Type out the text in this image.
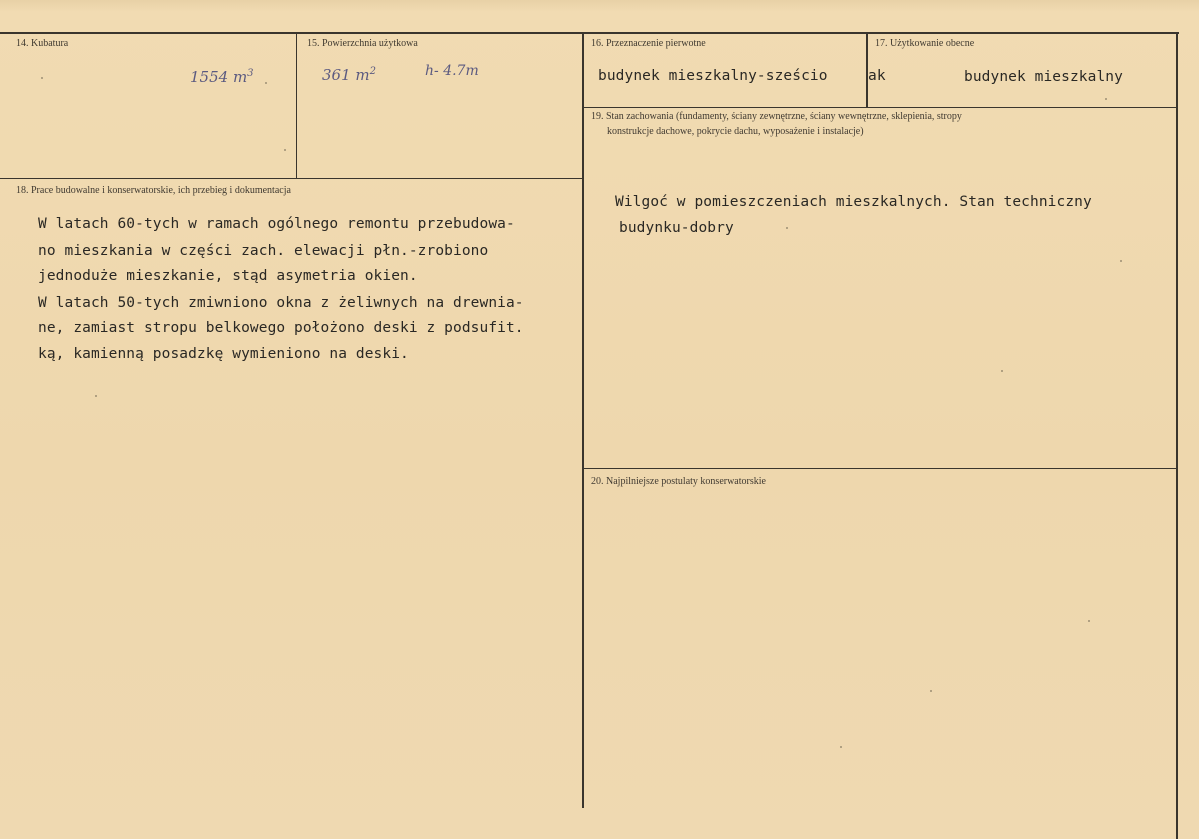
14. Kubatura
1554 $m^3$
15. Powierzchnia użytkowa
361 $m^2$	h- 4.7m
16. Przeznaczenie pierwotne
budynek mieszkalny-sześcio
17. Użytkowanie obecne
ak	budynek mieszkalny
18. Prace budowalne i konserwatorskie, ich przebieg i dokumentacja
W latach 60-tych w ramach ogólnego remontu przebudowa-
no mieszkania w części zach. elewacji płn.-zrobiono
jednoduże mieszkanie, stąd asymetria okien.
W latach 50-tych zmiwniono okna z żeliwnych na drewnia-
ne, zamiast stropu belkowego położono deski z podsufit.
ką, kamienną posadzkę wymieniono na deski.
19. Stan zachowania (fundamenty, ściany zewnętrzne, ściany wewnętrzne, sklepienia, stropy
konstrukcje dachowe, pokrycie dachu, wyposażenie i instalacje)
Wilgoć w pomieszczeniach mieszkalnych. Stan techniczny
budynku-dobry
20. Najpilniejsze postulaty konserwatorskie
